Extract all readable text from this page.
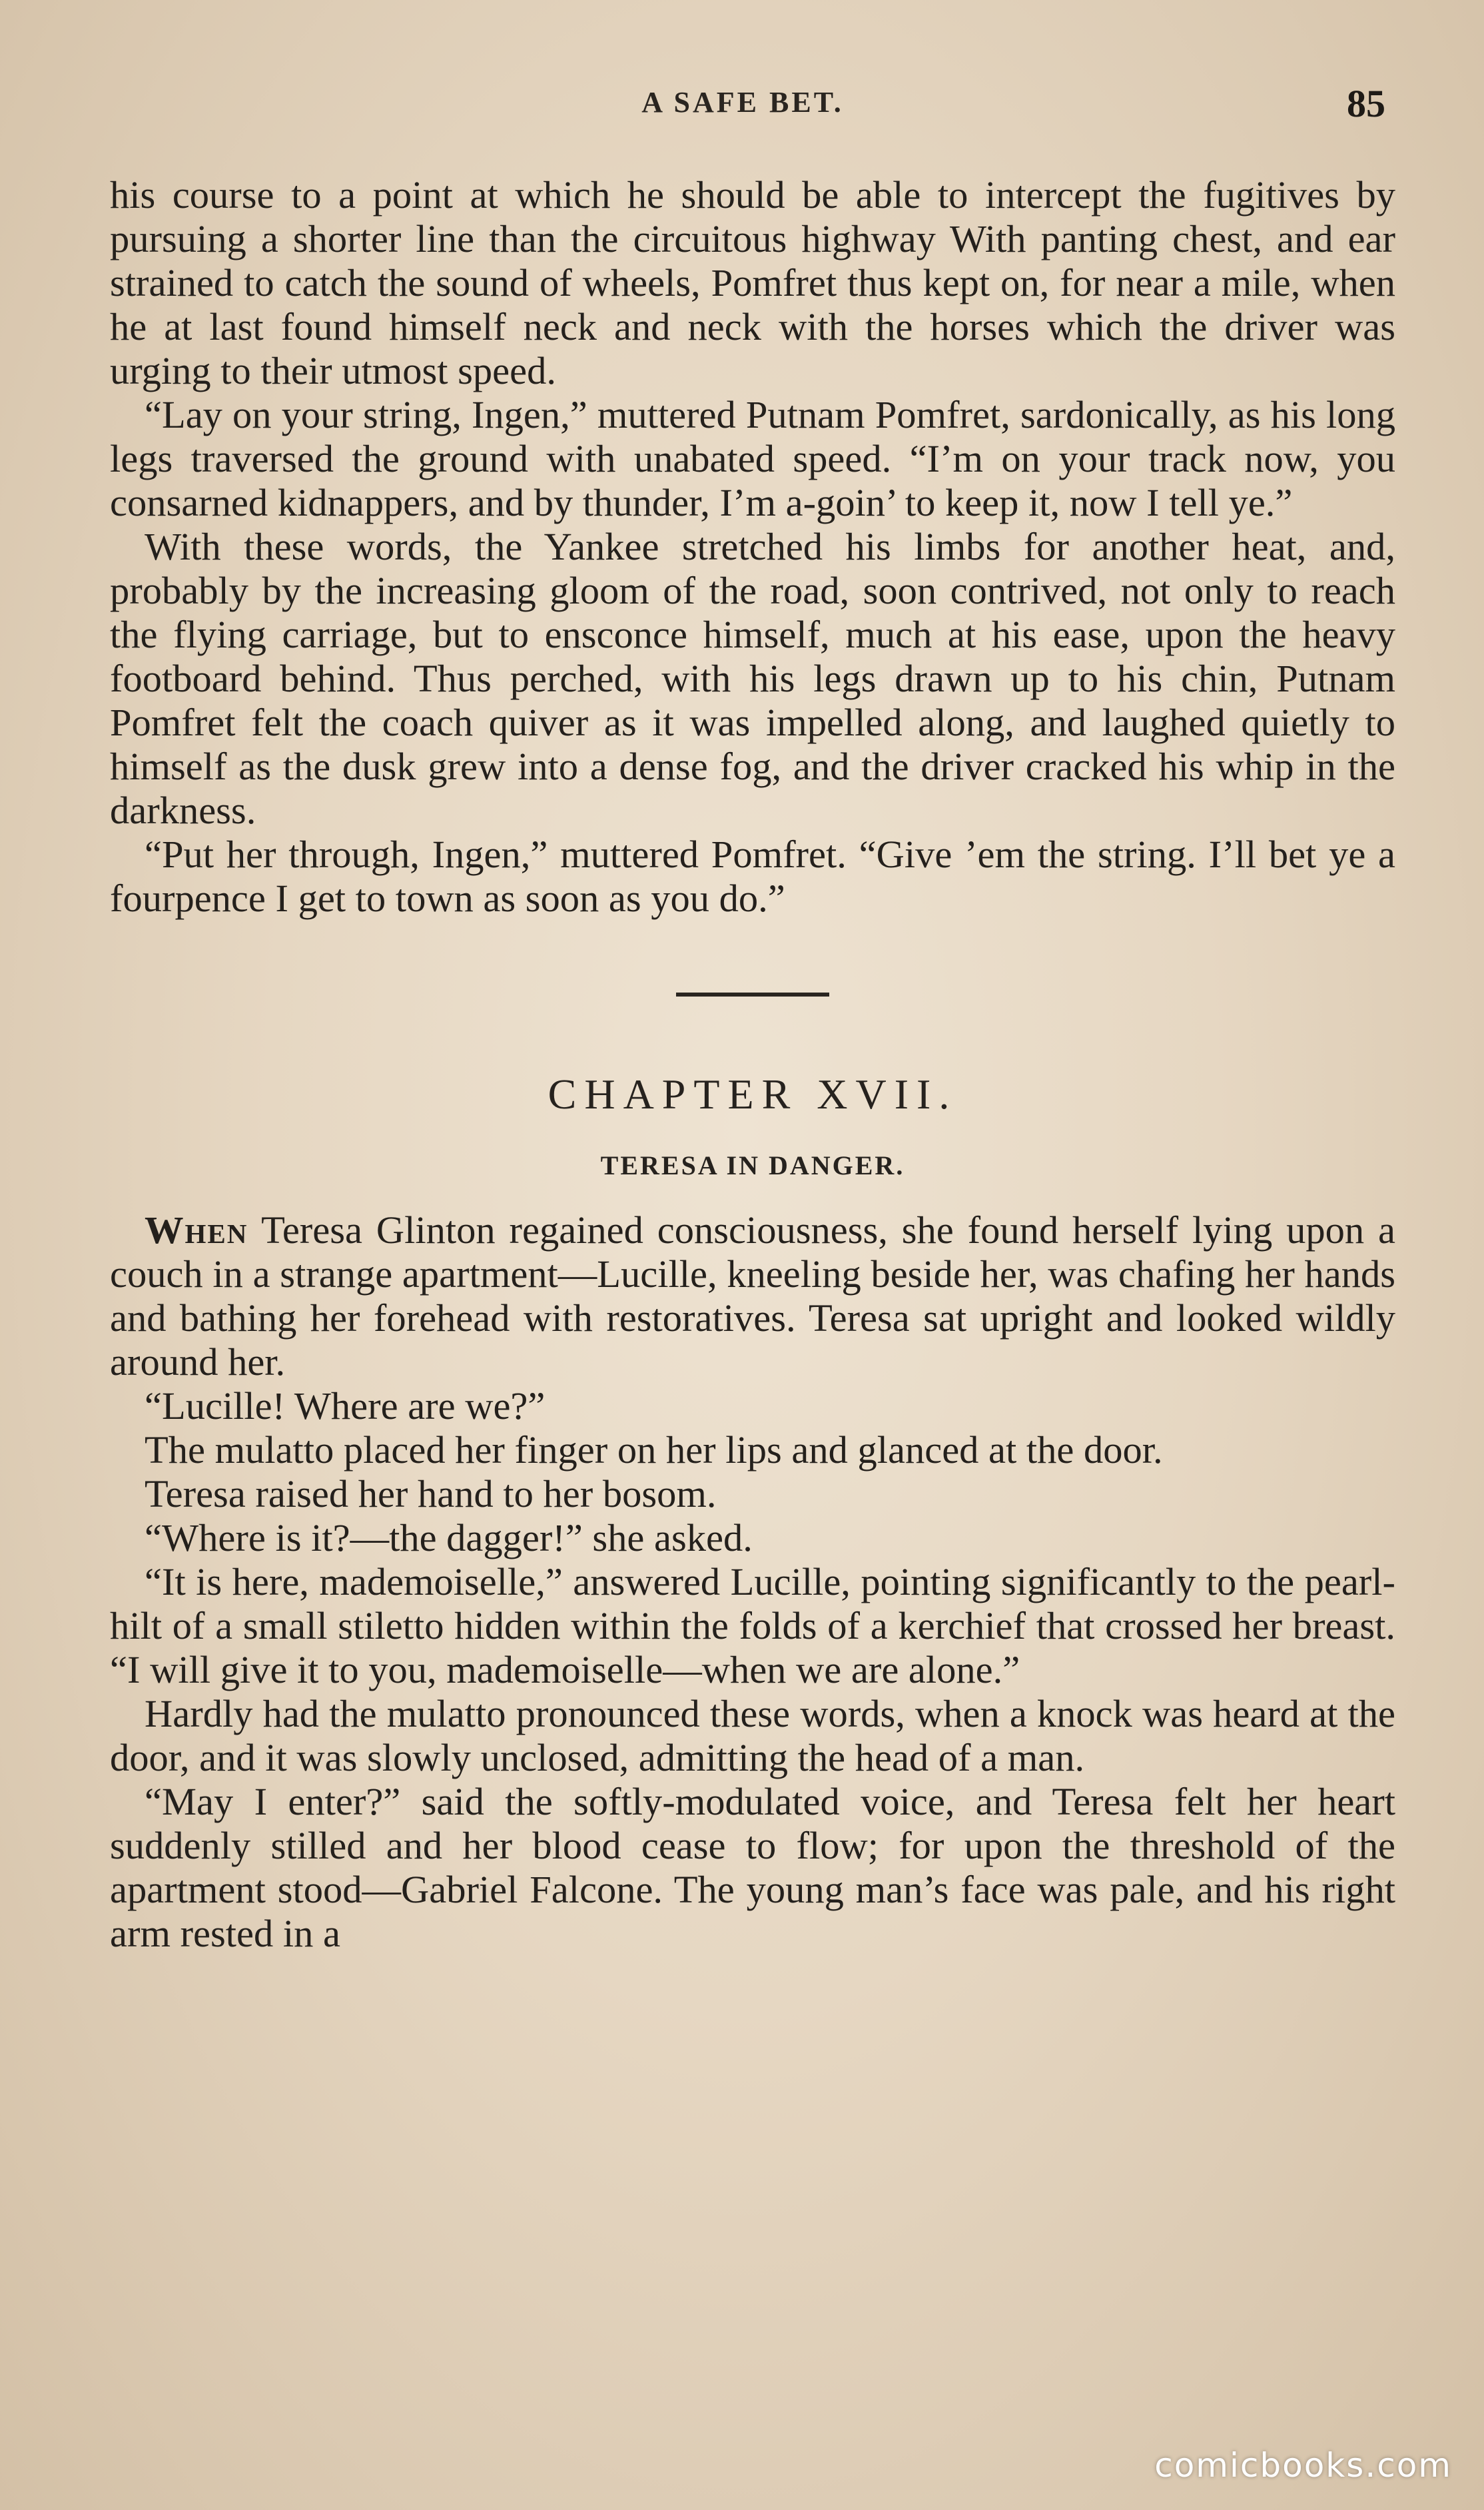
A SAFE BET.	85

his course to a point at which he should be able to intercept the fugitives by pursuing a shorter line than the circuitous highway With panting chest, and ear strained to catch the sound of wheels, Pomfret thus kept on, for near a mile, when he at last found himself neck and neck with the horses which the driver was urging to their utmost speed.

“Lay on your string, Ingen,” muttered Putnam Pomfret, sardonically, as his long legs traversed the ground with unabated speed. “I’m on your track now, you consarned kidnappers, and by thunder, I’m a-goin’ to keep it, now I tell ye.”

With these words, the Yankee stretched his limbs for another heat, and, probably by the increasing gloom of the road, soon contrived, not only to reach the flying carriage, but to ensconce himself, much at his ease, upon the heavy footboard behind. Thus perched, with his legs drawn up to his chin, Putnam Pomfret felt the coach quiver as it was impelled along, and laughed quietly to himself as the dusk grew into a dense fog, and the driver cracked his whip in the darkness.

“Put her through, Ingen,” muttered Pomfret. “Give ’em the string. I’ll bet ye a fourpence I get to town as soon as you do.”

CHAPTER XVII.
TERESA IN DANGER.

When Teresa Glinton regained consciousness, she found herself lying upon a couch in a strange apartment—Lucille, kneeling beside her, was chafing her hands and bathing her forehead with restoratives. Teresa sat upright and looked wildly around her.

“Lucille! Where are we?”

The mulatto placed her finger on her lips and glanced at the door.

Teresa raised her hand to her bosom.

“Where is it?—the dagger!” she asked.

“It is here, mademoiselle,” answered Lucille, pointing significantly to the pearl-hilt of a small stiletto hidden within the folds of a kerchief that crossed her breast. “I will give it to you, mademoiselle—when we are alone.”

Hardly had the mulatto pronounced these words, when a knock was heard at the door, and it was slowly unclosed, admitting the head of a man.

“May I enter?” said the softly-modulated voice, and Teresa felt her heart suddenly stilled and her blood cease to flow; for upon the threshold of the apartment stood—Gabriel Falcone. The young man’s face was pale, and his right arm rested in a

comicbooks.com
